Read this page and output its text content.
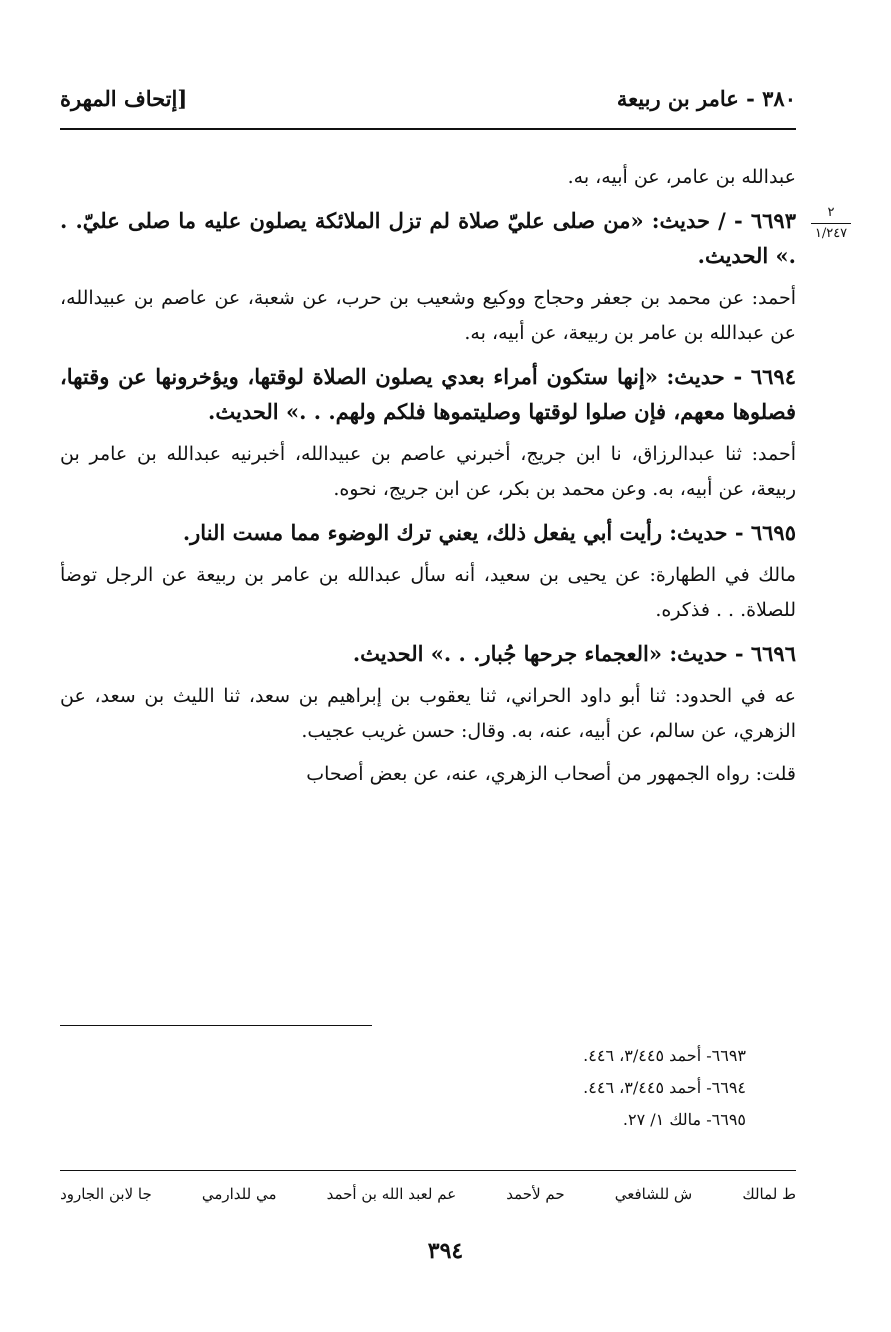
٣٨٠ - عامر بن ربيعة
[إتحاف المهرة
٢
١/٢٤٧

عبدالله بن عامر، عن أبيه، به.

٦٦٩٣ - / حديث: «من صلى عليّ صلاة لم تزل الملائكة يصلون عليه ما صلى عليّ. . .» الحديث.

أحمد: عن محمد بن جعفر وحجاج ووكيع وشعيب بن حرب، عن شعبة، عن عاصم بن عبيدالله، عن عبدالله بن عامر بن ربيعة، عن أبيه، به.

٦٦٩٤ - حديث: «إنها ستكون أمراء بعدي يصلون الصلاة لوقتها، ويؤخرونها عن وقتها، فصلوها معهم، فإن صلوا لوقتها وصليتموها فلكم ولهم. . .» الحديث.

أحمد: ثنا عبدالرزاق، نا ابن جريج، أخبرني عاصم بن عبيدالله، أخبرنيه عبدالله بن عامر بن ربيعة، عن أبيه، به. وعن محمد بن بكر، عن ابن جريج، نحوه.

٦٦٩٥ - حديث: رأيت أبي يفعل ذلك، يعني ترك الوضوء مما مست النار.

مالك في الطهارة: عن يحيى بن سعيد، أنه سأل عبدالله بن عامر بن ربيعة عن الرجل توضأ للصلاة. . . فذكره.

٦٦٩٦ - حديث: «العجماء جرحها جُبار. . .» الحديث.

عه في الحدود: ثنا أبو داود الحراني، ثنا يعقوب بن إبراهيم بن سعد، ثنا الليث بن سعد، عن الزهري، عن سالم، عن أبيه، عنه، به. وقال: حسن غريب عجيب.

قلت: رواه الجمهور من أصحاب الزهري، عنه، عن بعض أصحاب

٦٦٩٣- أحمد ٣/٤٤٥، ٤٤٦.
٦٦٩٤- أحمد ٣/٤٤٥، ٤٤٦.
٦٦٩٥- مالك ١/ ٢٧.
ط لمالك
ش للشافعي
حم لأحمد
عم لعبد الله بن أحمد
مي للدارمي
جا لابن الجارود
٣٩٤
